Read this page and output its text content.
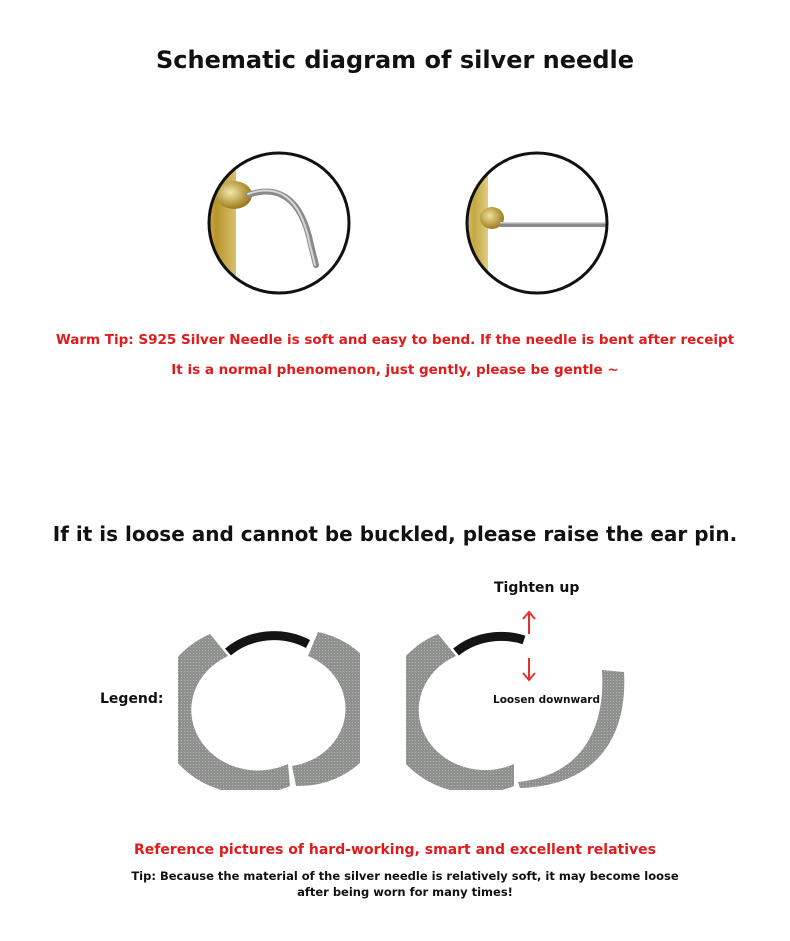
Schematic diagram of silver needle
Warm Tip: S925 Silver Needle is soft and easy to bend. If the needle is bent after receipt
It is a normal phenomenon, just gently, please be gentle ~
If it is loose and cannot be buckled, please raise the ear pin.
Legend:
Tighten up
Loosen downward
Reference pictures of hard-working, smart and excellent relatives
Tip: Because the material of the silver needle is relatively soft, it may become loose
after being worn for many times!
